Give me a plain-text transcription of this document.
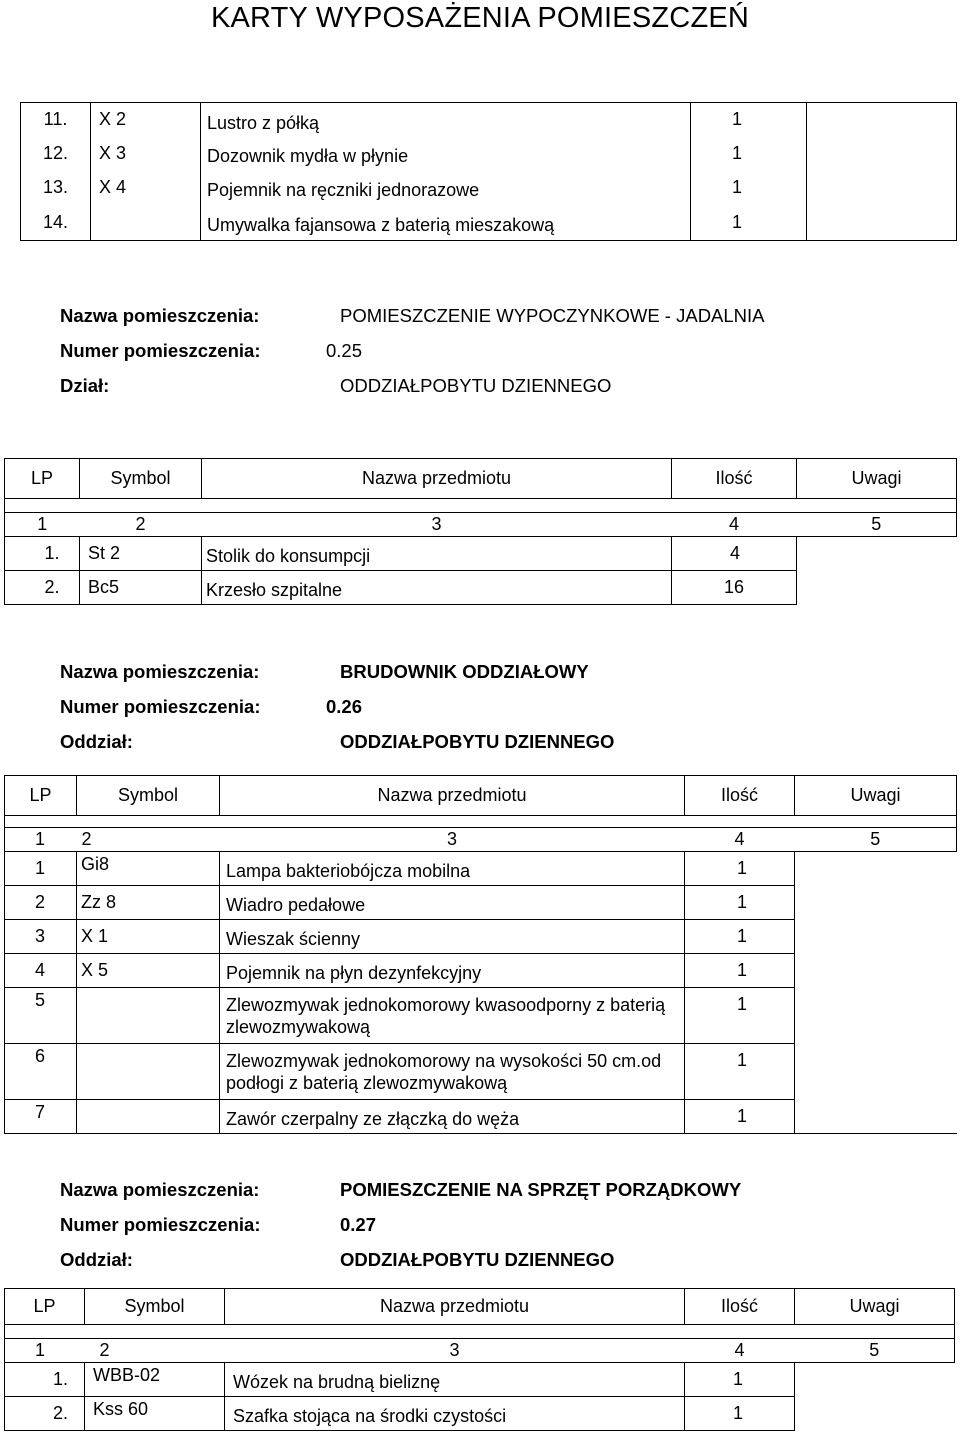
KARTY WYPOSAŻENIA POMIESZCZEŃ
11.	X 2	Lustro z półką	1	
12.	X 3	Dozownik mydła w płynie	1	
13.	X 4	Pojemnik na ręczniki jednorazowe	1	
14.		Umywalka fajansowa z baterią mieszakową	1	
Nazwa pomieszczenia:	POMIESZCZENIE WYPOCZYNKOWE - JADALNIA
Numer pomieszczenia:	0.25
Dział:	ODDZIAŁPOBYTU DZIENNEGO
LP	Symbol	Nazwa przedmiotu	Ilość	Uwagi

1	2	3	4	5
1.	St 2	Stolik do konsumpcji	4	
2.	Bc5	Krzesło szpitalne	16	
Nazwa pomieszczenia:	BRUDOWNIK ODDZIAŁOWY
Numer pomieszczenia:	0.26
Oddział:	ODDZIAŁPOBYTU DZIENNEGO
LP	Symbol	Nazwa przedmiotu	Ilość	Uwagi

1	2	3	4	5
1	Gi8	Lampa bakteriobójcza mobilna	1	
2	Zz 8	Wiadro pedałowe	1	
3	X 1	Wieszak ścienny	1	
4	X 5	Pojemnik na płyn dezynfekcyjny	1	
5		Zlewozmywak jednokomorowy kwasoodporny z baterią zlewozmywakową	1	
6		Zlewozmywak jednokomorowy na wysokości 50 cm.od podłogi z baterią zlewozmywakową	1	
7		Zawór czerpalny ze złączką do węża	1	
Nazwa pomieszczenia:	POMIESZCZENIE NA SPRZĘT PORZĄDKOWY
Numer pomieszczenia:	0.27
Oddział:	ODDZIAŁPOBYTU DZIENNEGO
LP	Symbol	Nazwa przedmiotu	Ilość	Uwagi

1	2	3	4	5
1.	WBB-02	Wózek na brudną bieliznę	1	
2.	Kss 60	Szafka stojąca na środki czystości	1	
